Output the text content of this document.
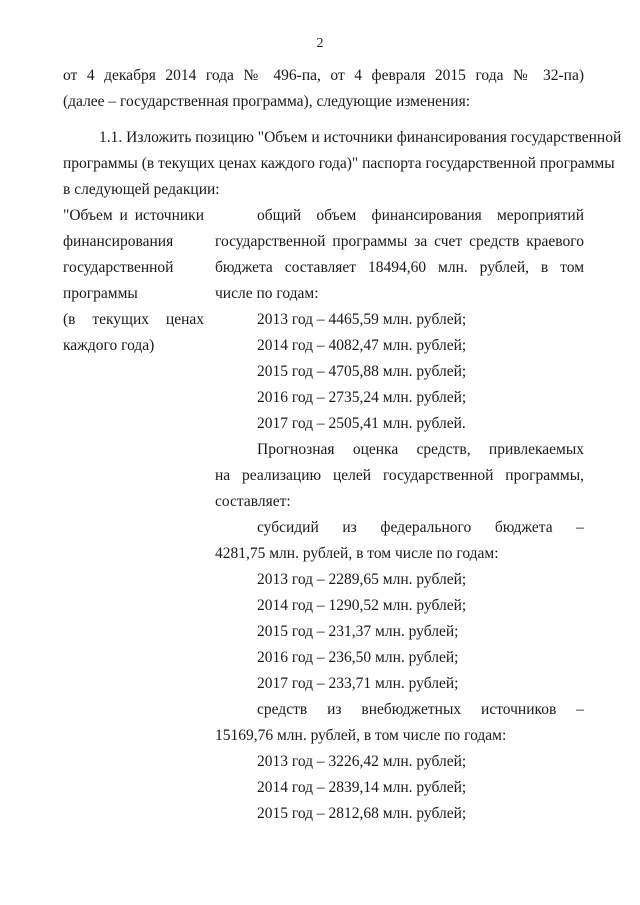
2
от 4 декабря 2014 года № 496-па, от 4 февраля 2015 года № 32-па)
(далее – государственная программа), следующие изменения:
1.1. Изложить позицию "Объем и источники финансирования государственной
программы (в текущих ценах каждого года)" паспорта государственной программы
в следующей редакции:
"Объем и источники
финансирования
государственной
программы
(в текущих ценах
каждого года)
общий объем финансирования мероприятий
государственной программы за счет средств краевого
бюджета составляет 18494,60 млн. рублей, в том
числе по годам:
2013 год – 4465,59 млн. рублей;
2014 год – 4082,47 млн. рублей;
2015 год – 4705,88 млн. рублей;
2016 год – 2735,24 млн. рублей;
2017 год – 2505,41 млн. рублей.
Прогнозная оценка средств, привлекаемых
на реализацию целей государственной программы,
составляет:
субсидий из федерального бюджета –
4281,75 млн. рублей, в том числе по годам:
2013 год – 2289,65 млн. рублей;
2014 год – 1290,52 млн. рублей;
2015 год – 231,37 млн. рублей;
2016 год – 236,50 млн. рублей;
2017 год – 233,71 млн. рублей;
средств из внебюджетных источников –
15169,76 млн. рублей, в том числе по годам:
2013 год – 3226,42 млн. рублей;
2014 год – 2839,14 млн. рублей;
2015 год – 2812,68 млн. рублей;
